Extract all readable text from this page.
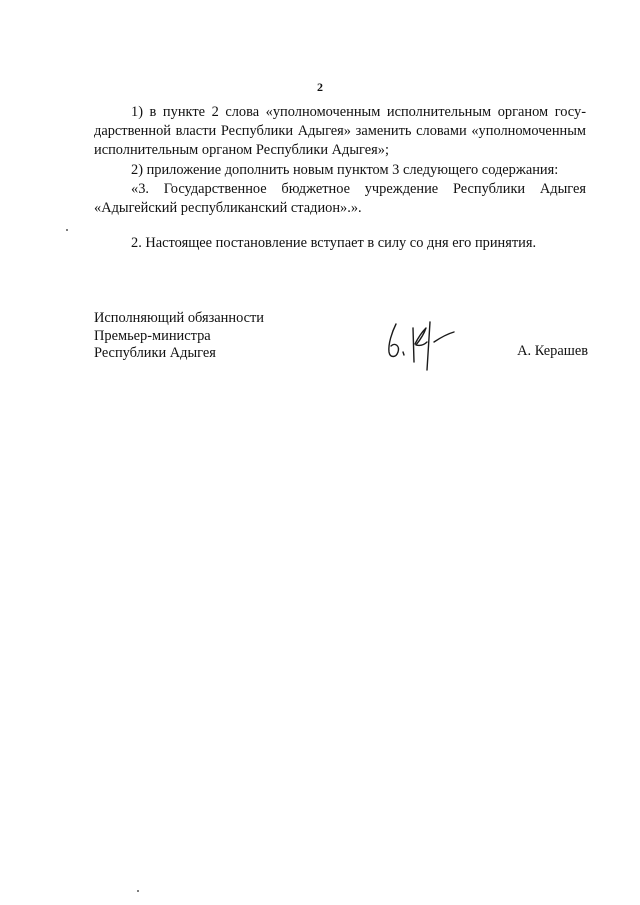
2

1) в пункте 2 слова «уполномоченным исполнительным органом государственной власти Республики Адыгея» заменить словами «уполномоченным исполнительным органом Республики Адыгея»;

2) приложение дополнить новым пунктом 3 следующего содержания:

«3. Государственное бюджетное учреждение Республики Адыгея «Адыгейский республиканский стадион».».

2. Настоящее постановление вступает в силу со дня его принятия.

Исполняющий обязанности
Премьер-министра
Республики Адыгея	А. Керашев
